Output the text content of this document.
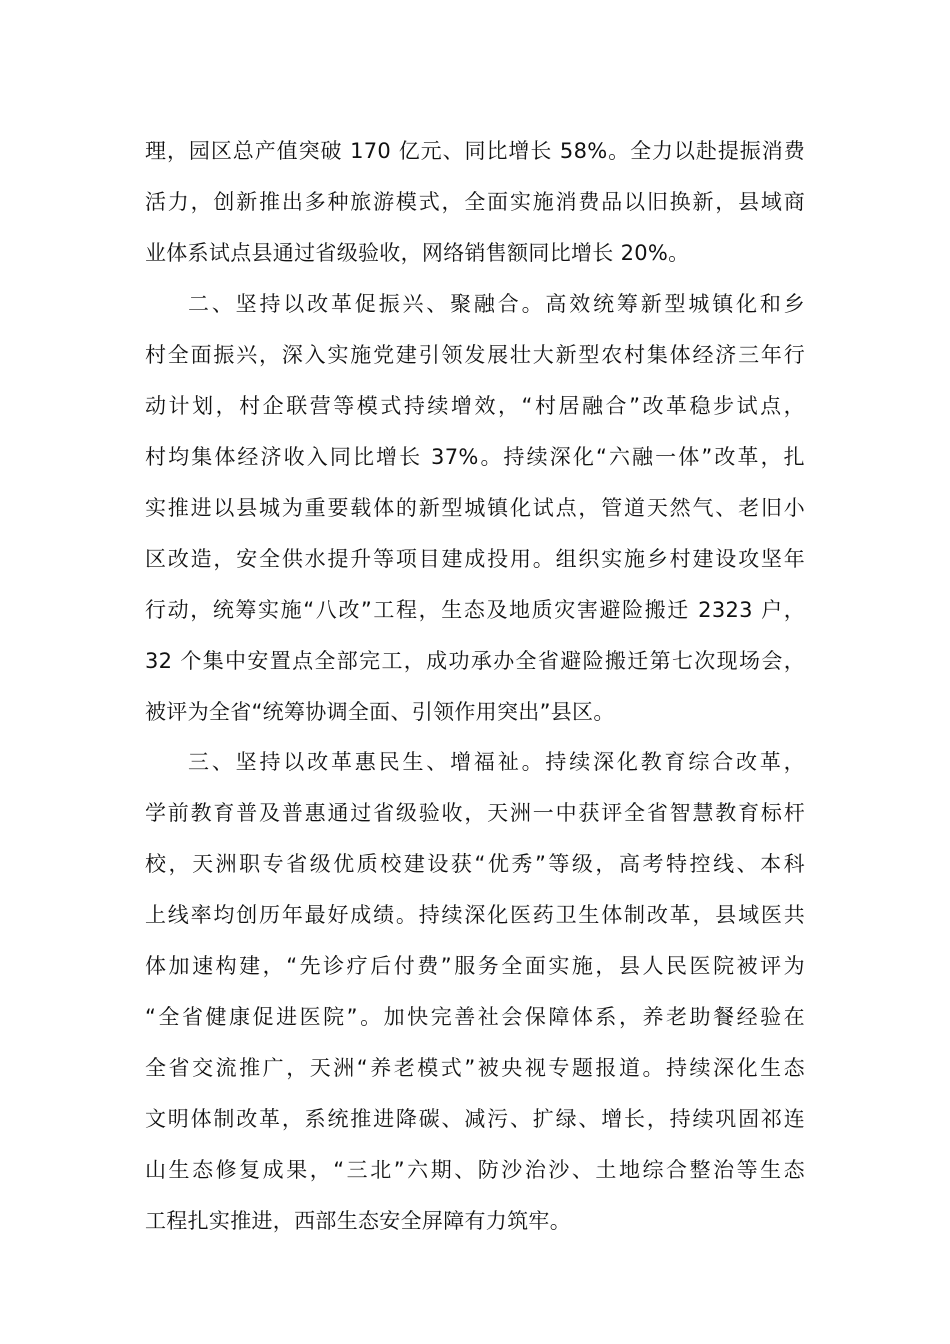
理，园区总产值突破 170 亿元、同比增长 58%。全力以赴提振消费
活力，创新推出多种旅游模式，全面实施消费品以旧换新，县域商
业体系试点县通过省级验收，网络销售额同比增长 20%。
二、坚持以改革促振兴、聚融合。高效统筹新型城镇化和乡
村全面振兴，深入实施党建引领发展壮大新型农村集体经济三年行
动计划，村企联营等模式持续增效，“村居融合”改革稳步试点，
村均集体经济收入同比增长 37%。持续深化“六融一体”改革，扎
实推进以县城为重要载体的新型城镇化试点，管道天然气、老旧小
区改造，安全供水提升等项目建成投用。组织实施乡村建设攻坚年
行动，统筹实施“八改”工程，生态及地质灾害避险搬迁 2323 户，
32 个集中安置点全部完工，成功承办全省避险搬迁第七次现场会，
被评为全省“统筹协调全面、引领作用突出”县区。
三、坚持以改革惠民生、增福祉。持续深化教育综合改革，
学前教育普及普惠通过省级验收，天洲一中获评全省智慧教育标杆
校，天洲职专省级优质校建设获“优秀”等级，高考特控线、本科
上线率均创历年最好成绩。持续深化医药卫生体制改革，县域医共
体加速构建，“先诊疗后付费”服务全面实施，县人民医院被评为
“全省健康促进医院”。加快完善社会保障体系，养老助餐经验在
全省交流推广，天洲“养老模式”被央视专题报道。持续深化生态
文明体制改革，系统推进降碳、减污、扩绿、增长，持续巩固祁连
山生态修复成果，“三北”六期、防沙治沙、土地综合整治等生态
工程扎实推进，西部生态安全屏障有力筑牢。
